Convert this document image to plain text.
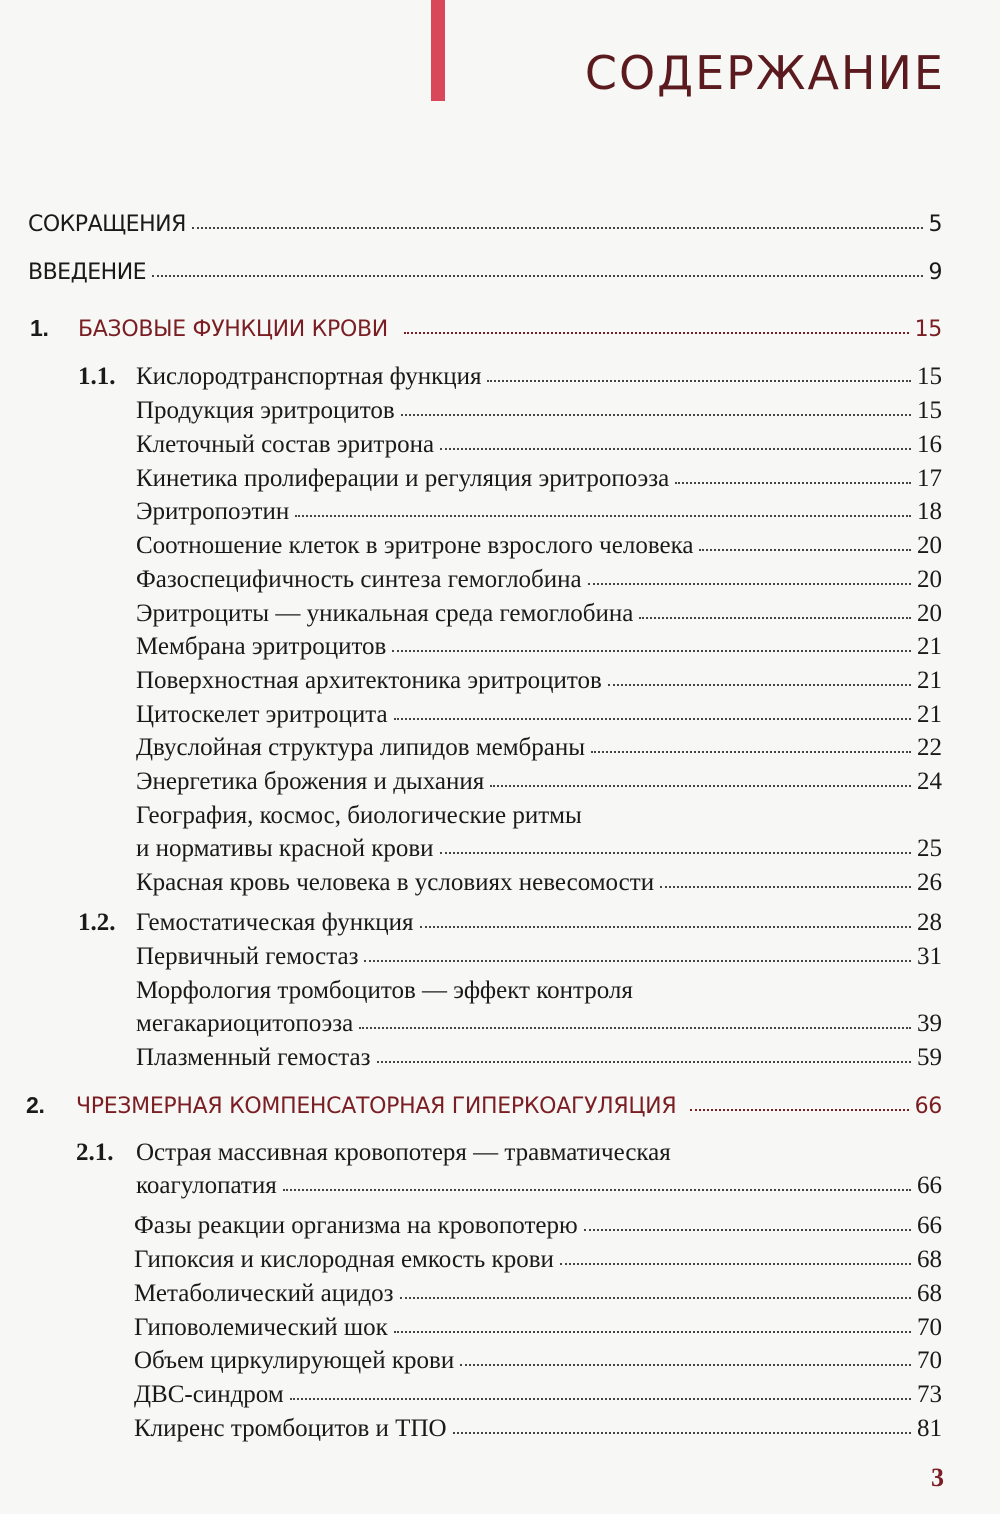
СОДЕРЖАНИЕ
СОКРАЩЕНИЯ	5
ВВЕДЕНИЕ	9
1.	БАЗОВЫЕ ФУНКЦИИ КРОВИ	15
1.1. Кислородтранспортная функция	15
Продукция эритроцитов	15
Клеточный состав эритрона	16
Кинетика пролиферации и регуляция эритропоэза	17
Эритропоэтин	18
Соотношение клеток в эритроне взрослого человека	20
Фазоспецифичность синтеза гемоглобина	20
Эритроциты — уникальная среда гемоглобина	20
Мембрана эритроцитов	21
Поверхностная архитектоника эритроцитов	21
Цитоскелет эритроцита	21
Двуслойная структура липидов мембраны	22
Энергетика брожения и дыхания	24
География, космос, биологические ритмы
и нормативы красной крови	25
Красная кровь человека в условиях невесомости	26
1.2. Гемостатическая функция	28
Первичный гемостаз	31
Морфология тромбоцитов — эффект контроля
мегакариоцитопоэза	39
Плазменный гемостаз	59
2.	ЧРЕЗМЕРНАЯ КОМПЕНСАТОРНАЯ ГИПЕРКОАГУЛЯЦИЯ	66
2.1. Острая массивная кровопотеря — травматическая
коагулопатия	66
Фазы реакции организма на кровопотерю	66
Гипоксия и кислородная емкость крови	68
Метаболический ацидоз	68
Гиповолемический шок	70
Объем циркулирующей крови	70
ДВС-синдром	73
Клиренс тромбоцитов и ТПО	81
3
